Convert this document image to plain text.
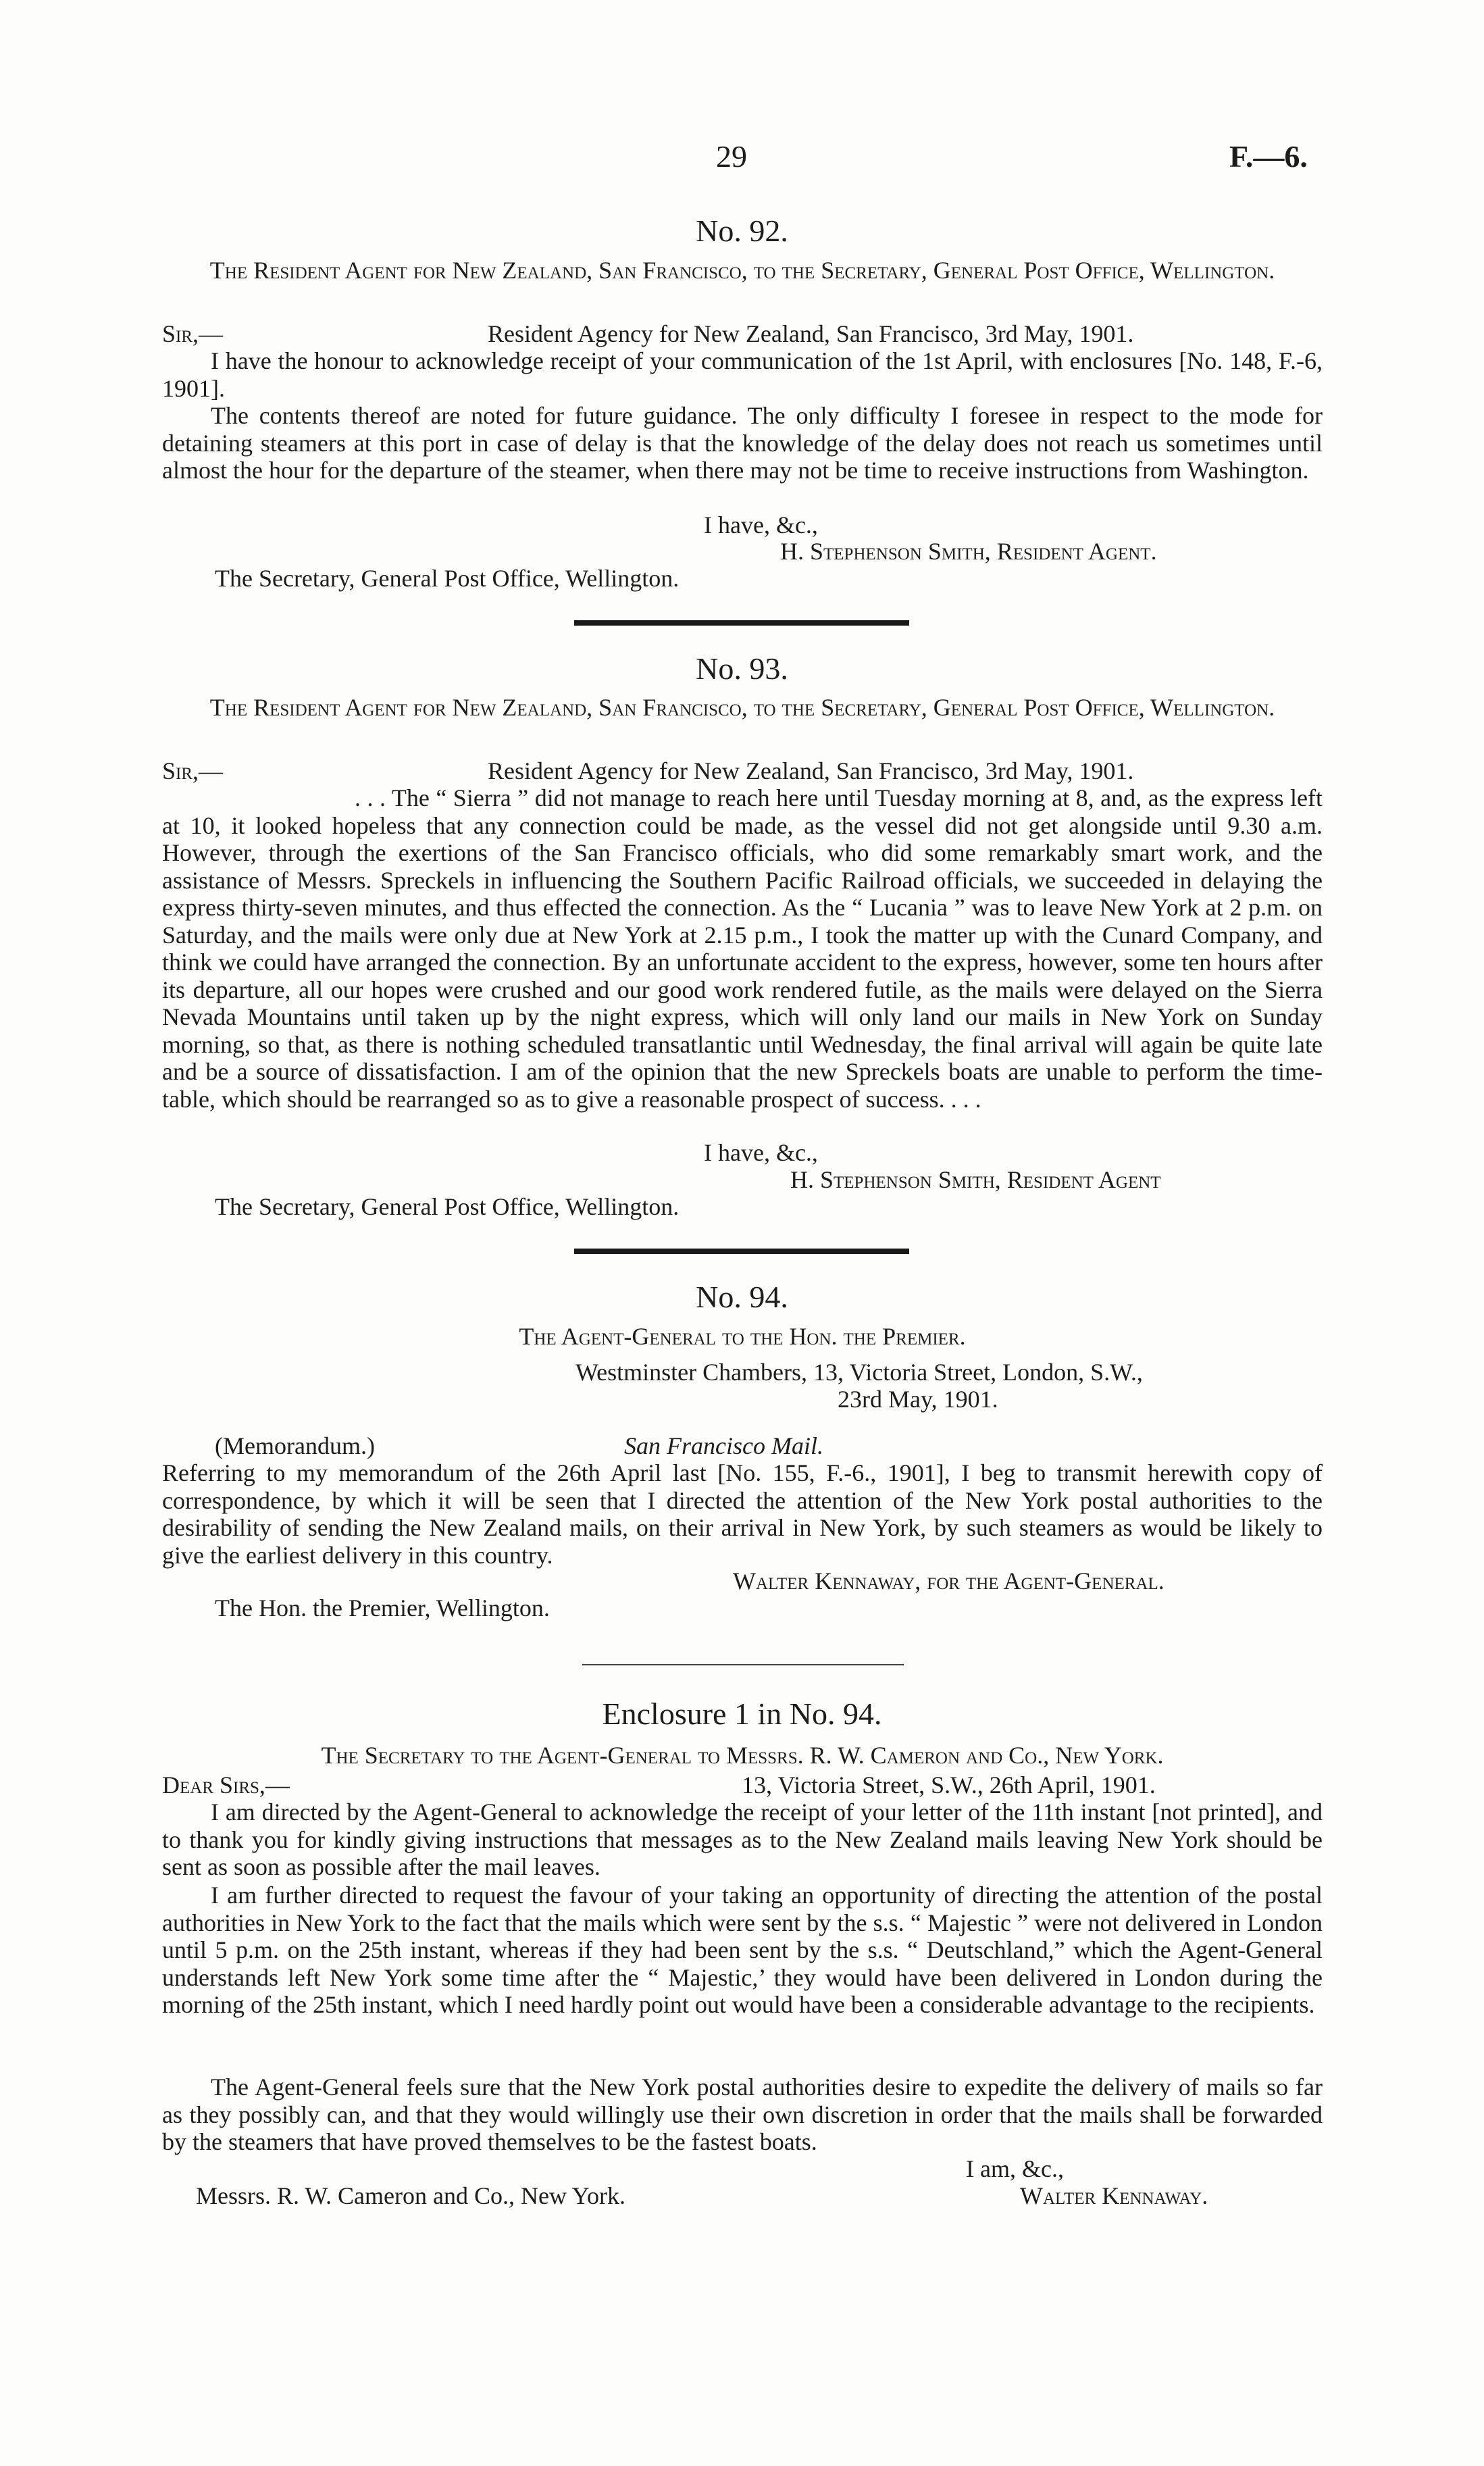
29	F.—6.
No. 92.
The Resident Agent for New Zealand, San Francisco, to the Secretary, General Post Office, Wellington.
Sir,—	Resident Agency for New Zealand, San Francisco, 3rd May, 1901.
I have the honour to acknowledge receipt of your communication of the 1st April, with enclosures [No. 148, F.-6, 1901].
The contents thereof are noted for future guidance. The only difficulty I foresee in respect to the mode for detaining steamers at this port in case of delay is that the knowledge of the delay does not reach us sometimes until almost the hour for the departure of the steamer, when there may not be time to receive instructions from Washington.
I have, &c.,
H. Stephenson Smith, Resident Agent.
The Secretary, General Post Office, Wellington.
No. 93.
The Resident Agent for New Zealand, San Francisco, to the Secretary, General Post Office, Wellington.
Sir,—	Resident Agency for New Zealand, San Francisco, 3rd May, 1901.
. . . The “ Sierra ” did not manage to reach here until Tuesday morning at 8, and, as the express left at 10, it looked hopeless that any connection could be made, as the vessel did not get alongside until 9.30 a.m. However, through the exertions of the San Francisco officials, who did some remarkably smart work, and the assistance of Messrs. Spreckels in influencing the Southern Pacific Railroad officials, we succeeded in delaying the express thirty-seven minutes, and thus effected the connection. As the “ Lucania ” was to leave New York at 2 p.m. on Saturday, and the mails were only due at New York at 2.15 p.m., I took the matter up with the Cunard Company, and think we could have arranged the connection. By an unfortunate accident to the express, however, some ten hours after its departure, all our hopes were crushed and our good work rendered futile, as the mails were delayed on the Sierra Nevada Mountains until taken up by the night express, which will only land our mails in New York on Sunday morning, so that, as there is nothing scheduled transatlantic until Wednesday, the final arrival will again be quite late and be a source of dissatisfaction. I am of the opinion that the new Spreckels boats are unable to perform the time-table, which should be rearranged so as to give a reasonable prospect of success. . . .
I have, &c.,
H. Stephenson Smith, Resident Agent
The Secretary, General Post Office, Wellington.
No. 94.
The Agent-General to the Hon. the Premier.
Westminster Chambers, 13, Victoria Street, London, S.W.,
23rd May, 1901.
(Memorandum.)	San Francisco Mail.
Referring to my memorandum of the 26th April last [No. 155, F.-6., 1901], I beg to transmit herewith copy of correspondence, by which it will be seen that I directed the attention of the New York postal authorities to the desirability of sending the New Zealand mails, on their arrival in New York, by such steamers as would be likely to give the earliest delivery in this country.
Walter Kennaway, for the Agent-General.
The Hon. the Premier, Wellington.
Enclosure 1 in No. 94.
The Secretary to the Agent-General to Messrs. R. W. Cameron and Co., New York.
Dear Sirs,—	13, Victoria Street, S.W., 26th April, 1901.
I am directed by the Agent-General to acknowledge the receipt of your letter of the 11th instant [not printed], and to thank you for kindly giving instructions that messages as to the New Zealand mails leaving New York should be sent as soon as possible after the mail leaves.
I am further directed to request the favour of your taking an opportunity of directing the attention of the postal authorities in New York to the fact that the mails which were sent by the s.s. “ Majestic ” were not delivered in London until 5 p.m. on the 25th instant, whereas if they had been sent by the s.s. “ Deutschland,” which the Agent-General understands left New York some time after the “ Majestic,’ they would have been delivered in London during the morning of the 25th instant, which I need hardly point out would have been a considerable advantage to the recipients.
The Agent-General feels sure that the New York postal authorities desire to expedite the delivery of mails so far as they possibly can, and that they would willingly use their own discretion in order that the mails shall be forwarded by the steamers that have proved themselves to be the fastest boats.
I am, &c.,
Messrs. R. W. Cameron and Co., New York.	Walter Kennaway.
